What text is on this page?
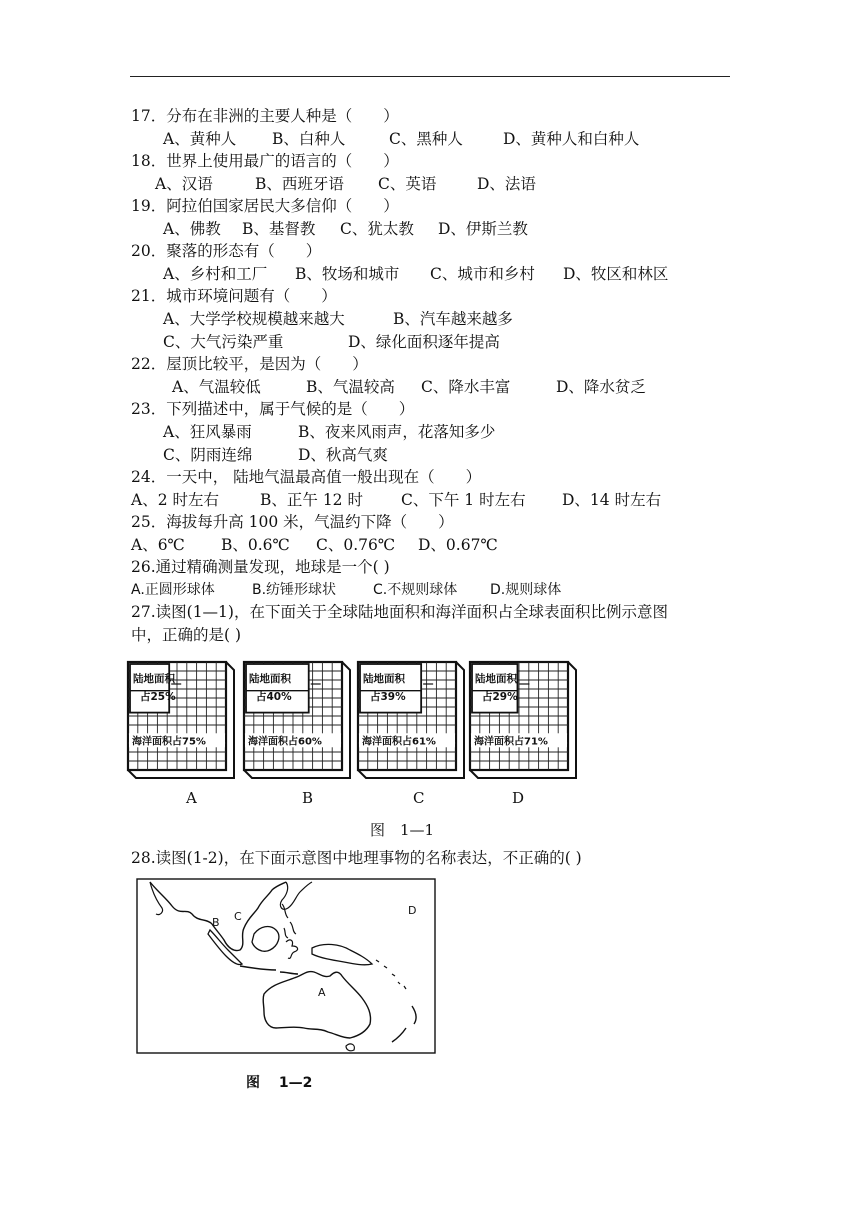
17．分布在非洲的主要人种是（　　）
A、黄种人 B、白种人	C、黑种人	D、黄种人和白种人
18．世界上使用最广的语言的（　　）
A、汉语	B、西班牙语 C、英语	D、法语
19．阿拉伯国家居民大多信仰（　　）
A、佛教 B、基督教 C、犹太教 D、伊斯兰教
20．聚落的形态有（　　）
A、乡村和工厂 B、牧场和城市 C、城市和乡村 D、牧区和林区
21．城市环境问题有（　　）
A、大学学校规模越来越大	B、汽车越来越多
C、大气污染严重	D、绿化面积逐年提高
22．屋顶比较平，是因为（　　）
A、气温较低	B、气温较高 C、降水丰富	D、降水贫乏
23．下列描述中，属于气候的是（　　）
A、狂风暴雨	B、夜来风雨声，花落知多少
C、阴雨连绵	D、秋高气爽
24．一天中， 陆地气温最高值一般出现在（　　）
A、2 时左右	B、正午 12 时 C、下午 1 时左右 D、14 时左右
25．海拔每升高 100 米，气温约下降（　　）
A、6℃ B、0.6℃ C、0.76℃ D、0.67℃
26.通过精确测量发现，地球是一个( )
A.正圆形球体	B.纺锤形球状	C.不规则球体 D.规则球体
27.读图(1—1)，在下面关于全球陆地面积和海洋面积占全球表面积比例示意图
中，正确的是( )
陆地面积
占25%
海洋面积占75%
陆地面积
占40%
海洋面积占60%
陆地面积
占39%
海洋面积占61%
陆地面积
占29%
海洋面积占71%
A	B	C	D
图　1—1
28.读图(1-2)，在下面示意图中地理事物的名称表达，不正确的( )
A
B C	D
图　 1—2
